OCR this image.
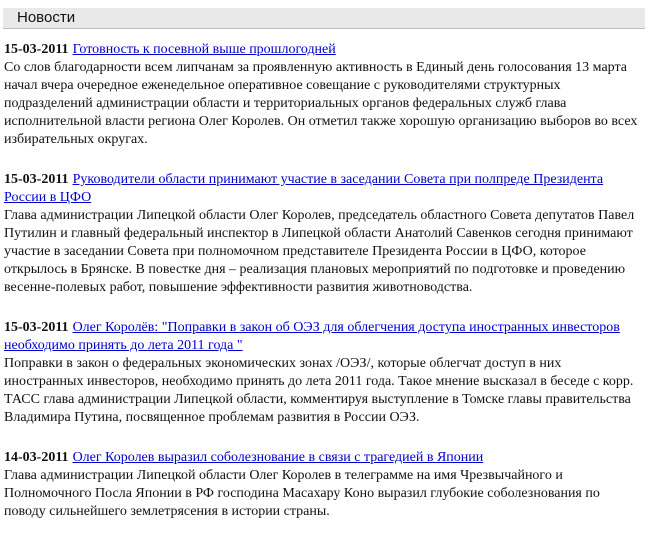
Новости
15-03-2011 Готовность к посевной выше прошлогодней
Со слов благодарности всем липчанам за проявленную активность в Единый день голосования 13 марта начал вчера очередное еженедельное оперативное совещание с руководителями структурных подразделений администрации области и территориальных органов федеральных служб глава исполнительной власти региона Олег Королев. Он отметил также хорошую организацию выборов во всех избирательных округах.
15-03-2011 Руководители области принимают участие в заседании Совета при полпреде Президента России в ЦФО
Глава администрации Липецкой области Олег Королев, председатель областного Совета депутатов Павел Путилин и главный федеральный инспектор в Липецкой области Анатолий Савенков сегодня принимают участие в заседании Совета при полномочном представителе Президента России в ЦФО, которое открылось в Брянске. В повестке дня – реализация плановых мероприятий по подготовке и проведению весенне-полевых работ, повышение эффективности развития животноводства.
15-03-2011 Олег Королёв: "Поправки в закон об ОЭЗ для облегчения доступа иностранных инвесторов необходимо принять до лета 2011 года "
Поправки в закон о федеральных экономических зонах /ОЭЗ/, которые облегчат доступ в них иностранных инвесторов, необходимо принять до лета 2011 года. Такое мнение высказал в беседе с корр. ТАСС глава администрации Липецкой области, комментируя выступление в Томске главы правительства Владимира Путина, посвященное проблемам развития в России ОЭЗ.
14-03-2011 Олег Королев выразил соболезнование в связи с трагедией в Японии
Глава администрации Липецкой области Олег Королев в телеграмме на имя Чрезвычайного и Полномочного Посла Японии в РФ господина Масахару Коно выразил глубокие соболезнования по поводу сильнейшего землетрясения в истории страны.
